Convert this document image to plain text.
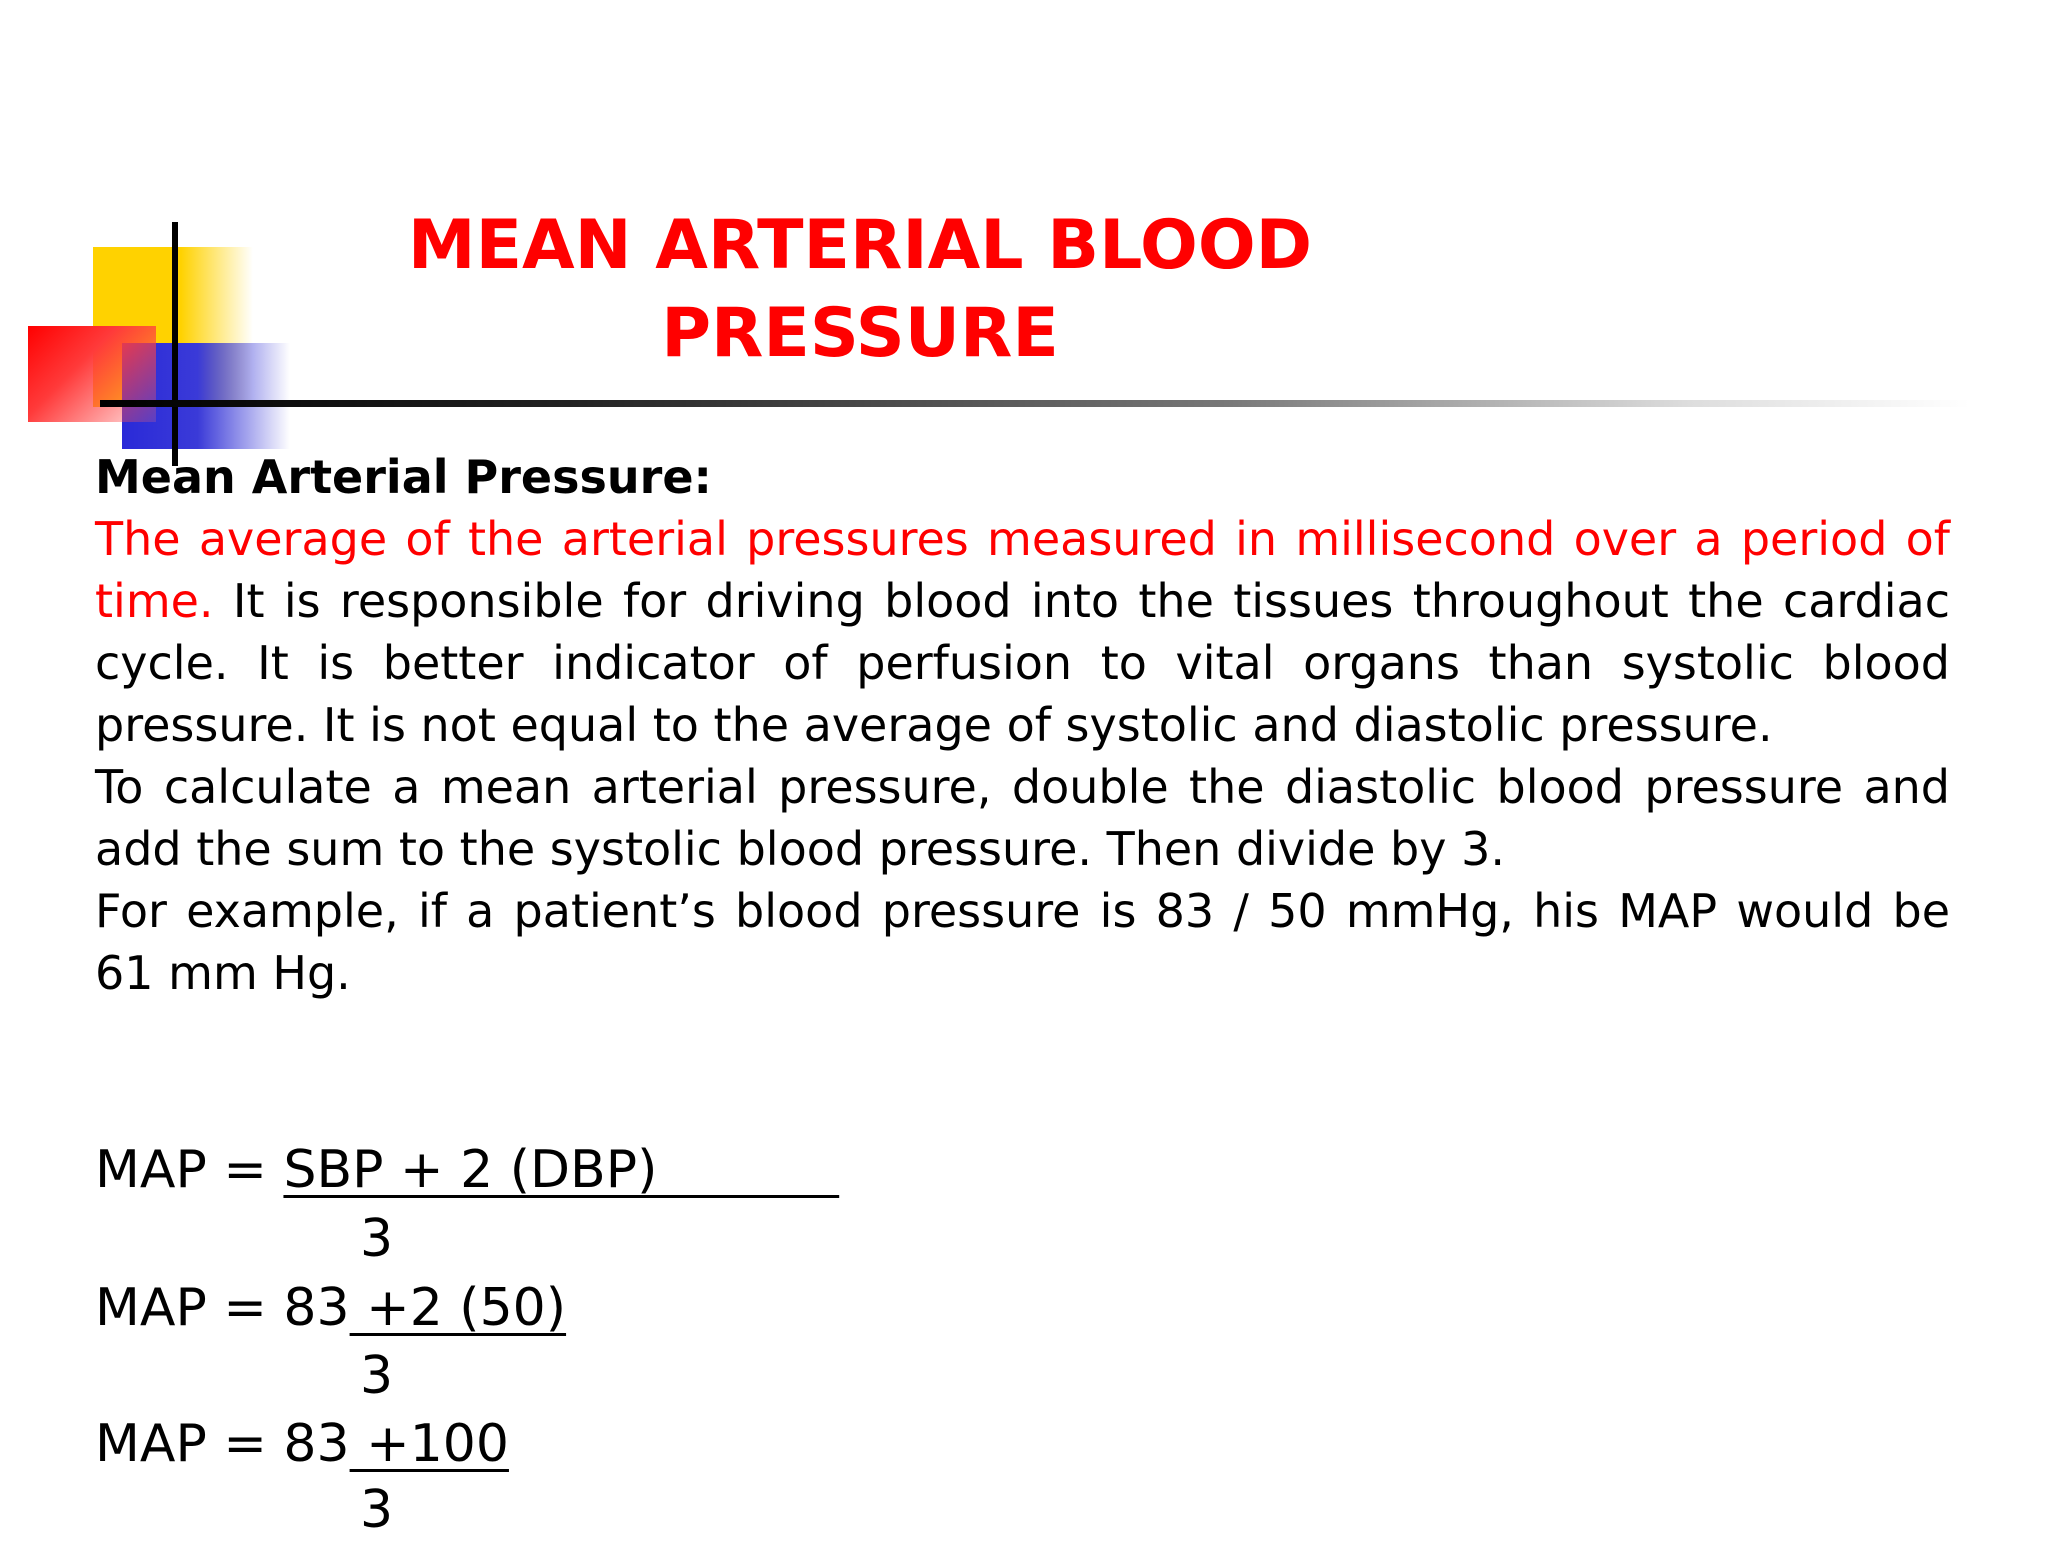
MEAN ARTERIAL BLOOD
PRESSURE

Mean Arterial Pressure:

The average of the arterial pressures measured in millisecond over a period of time. It is responsible for driving blood into the tissues throughout the cardiac cycle. It is better indicator of perfusion to vital organs than systolic blood pressure. It is not equal to the average of systolic and diastolic pressure.

To calculate a mean arterial pressure, double the diastolic blood pressure and add the sum to the systolic blood pressure. Then divide by 3.

For example, if a patient’s blood pressure is 83 / 50 mmHg, his MAP would be 61 mm Hg.

MAP = SBP + 2 (DBP)
3
MAP = 83 +2 (50)
3
MAP = 83 +100
3
